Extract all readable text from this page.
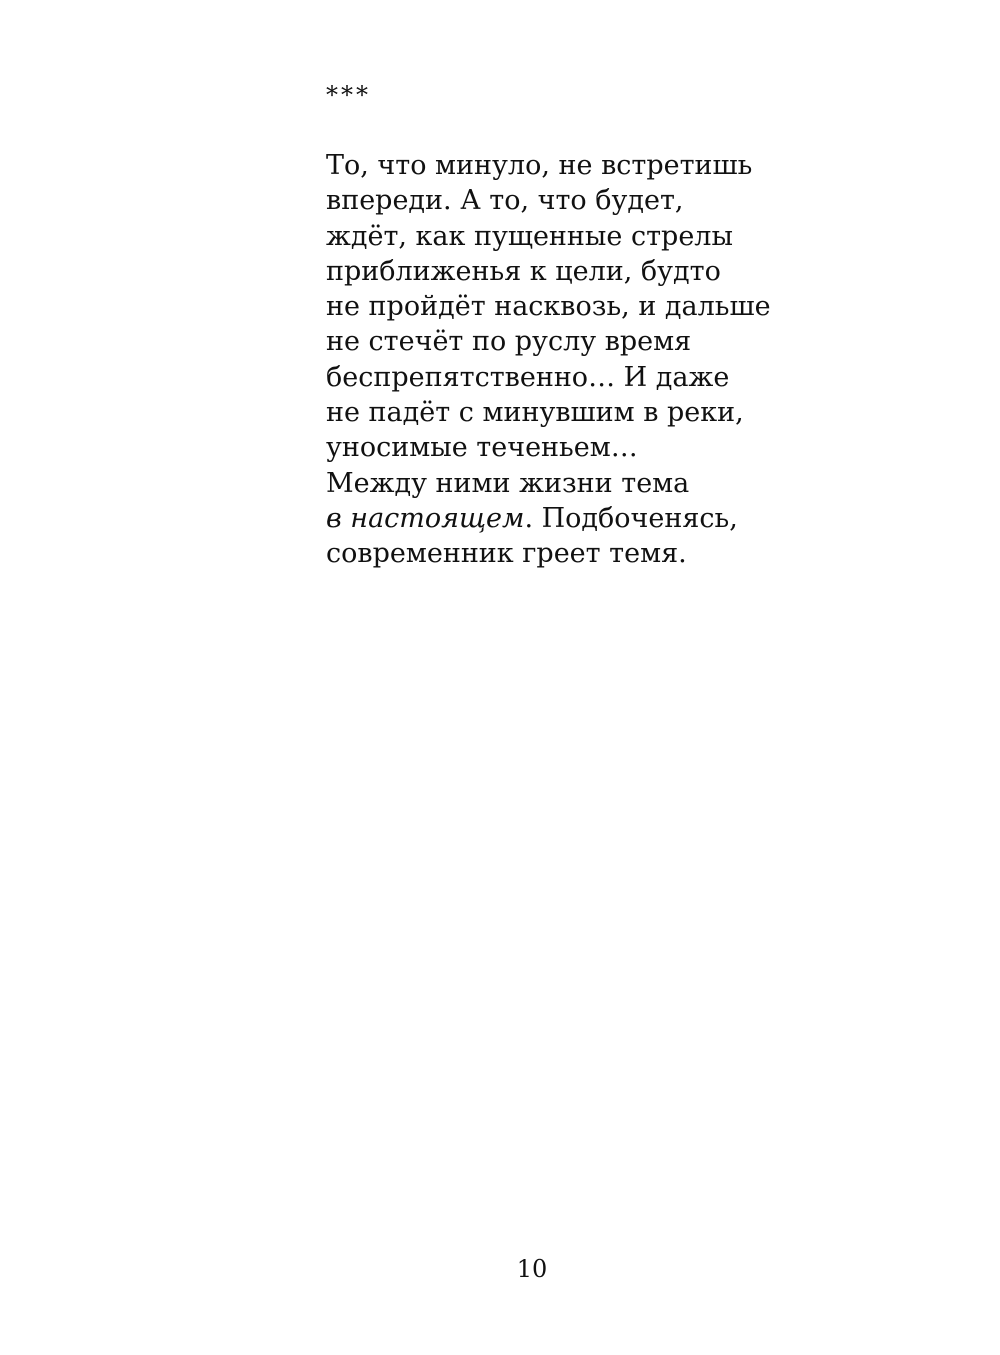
***
То, что минуло, не встретишь
впереди. А то, что будет,
ждёт, как пущенные стрелы
приближенья к цели, будто
не пройдёт насквозь, и дальше
не стечёт по руслу время
беспрепятственно… И даже
не падёт с минувшим в реки,
уносимые теченьем…
Между ними жизни тема
в настоящем. Подбоченясь,
современник греет темя.
10
